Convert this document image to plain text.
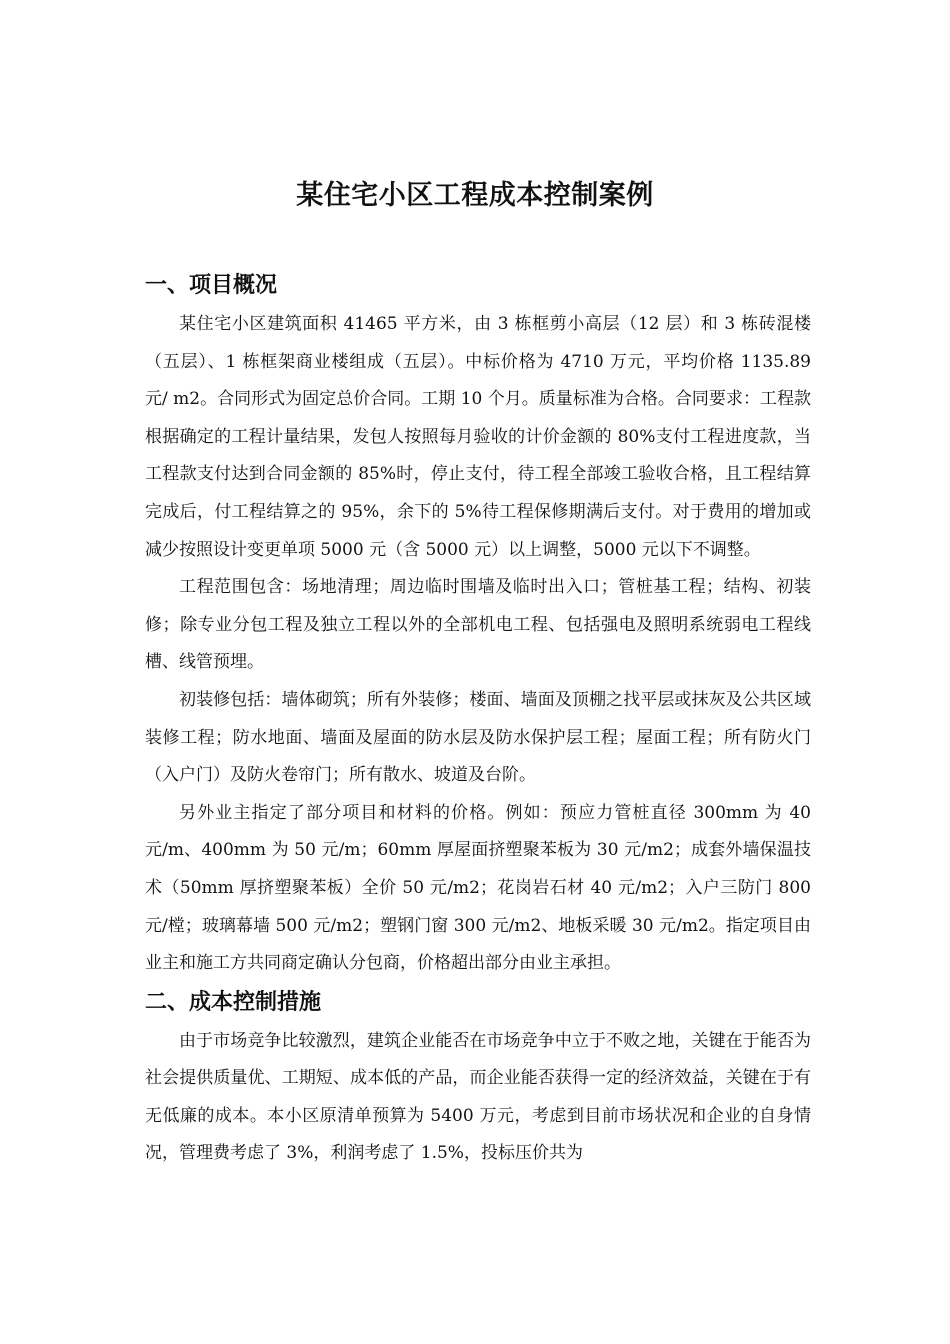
某住宅小区工程成本控制案例
一、项目概况

某住宅小区建筑面积 41465 平方米，由 3 栋框剪小高层（12 层）和 3 栋砖混楼（五层）、1 栋框架商业楼组成（五层）。中标价格为 4710 万元，平均价格 1135.89 元/ m2。合同形式为固定总价合同。工期 10 个月。质量标准为合格。合同要求：工程款根据确定的工程计量结果，发包人按照每月验收的计价金额的 80%支付工程进度款，当工程款支付达到合同金额的 85%时，停止支付，待工程全部竣工验收合格，且工程结算完成后，付工程结算之的 95%，余下的 5%待工程保修期满后支付。对于费用的增加或减少按照设计变更单项 5000 元（含 5000 元）以上调整，5000 元以下不调整。

工程范围包含：场地清理；周边临时围墙及临时出入口；管桩基工程；结构、初装修；除专业分包工程及独立工程以外的全部机电工程、包括强电及照明系统弱电工程线槽、线管预埋。

初装修包括：墙体砌筑；所有外装修；楼面、墙面及顶棚之找平层或抹灰及公共区域装修工程；防水地面、墙面及屋面的防水层及防水保护层工程；屋面工程；所有防火门（入户门）及防火卷帘门；所有散水、坡道及台阶。

另外业主指定了部分项目和材料的价格。例如：预应力管桩直径 300mm 为 40 元/m、400mm 为 50 元/m；60mm 厚屋面挤塑聚苯板为 30 元/m2；成套外墙保温技术（50mm 厚挤塑聚苯板）全价 50 元/m2；花岗岩石材 40 元/m2；入户三防门 800 元/樘；玻璃幕墙 500 元/m2；塑钢门窗 300 元/m2、地板采暖 30 元/m2。指定项目由业主和施工方共同商定确认分包商，价格超出部分由业主承担。

二、成本控制措施

由于市场竞争比较激烈，建筑企业能否在市场竞争中立于不败之地，关键在于能否为社会提供质量优、工期短、成本低的产品，而企业能否获得一定的经济效益，关键在于有无低廉的成本。本小区原清单预算为 5400 万元，考虑到目前市场状况和企业的自身情况，管理费考虑了 3%，利润考虑了 1.5%，投标压价共为
